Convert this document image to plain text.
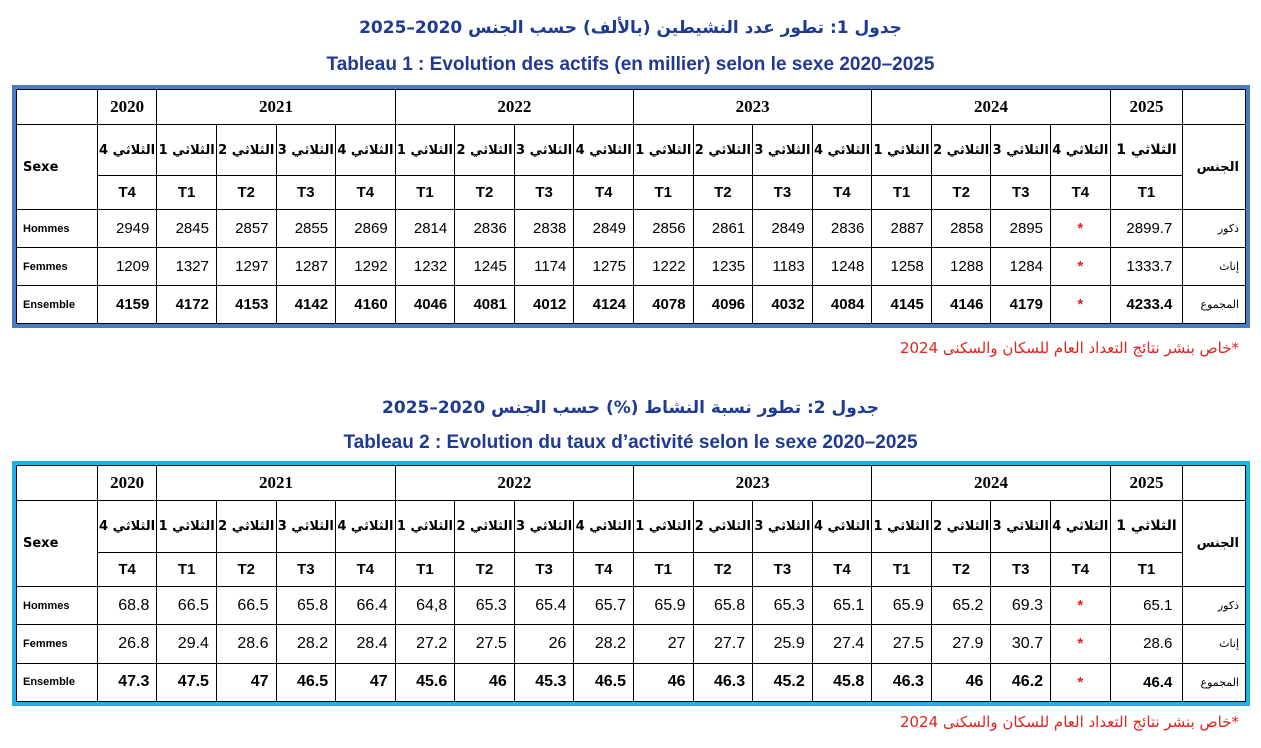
جدول 1: تطور عدد النشيطين (بالألف) حسب الجنس 2020–2025
Tableau 1 : Evolution des actifs (en millier) selon le sexe 2020–2025
	2020	2021				2022				2023				2024				2025	
Sexe	الثلاثي 4	الثلاثي 1	الثلاثي 2	الثلاثي 3	الثلاثي 4	الثلاثي 1	الثلاثي 2	الثلاثي 3	الثلاثي 4	الثلاثي 1	الثلاثي 2	الثلاثي 3	الثلاثي 4	الثلاثي 1	الثلاثي 2	الثلاثي 3	الثلاثي 4	الثلاثي 1	الجنس
	T4	T1	T2	T3	T4	T1	T2	T3	T4	T1	T2	T3	T4	T1	T2	T3	T4	T1	
Hommes	2949	2845	2857	2855	2869	2814	2836	2838	2849	2856	2861	2849	2836	2887	2858	2895	*	2899.7	ذكور
Femmes	1209	1327	1297	1287	1292	1232	1245	1174	1275	1222	1235	1183	1248	1258	1288	1284	*	1333.7	إناث
Ensemble	4159	4172	4153	4142	4160	4046	4081	4012	4124	4078	4096	4032	4084	4145	4146	4179	*	4233.4	المجموع
*خاص بنشر نتائج التعداد العام للسكان والسكنى 2024
جدول 2: تطور نسبة النشاط (%) حسب الجنس 2020–2025
Tableau 2 : Evolution du taux d’activité selon le sexe 2020–2025
	2020	2021				2022				2023				2024				2025	
Sexe	الثلاثي 4	الثلاثي 1	الثلاثي 2	الثلاثي 3	الثلاثي 4	الثلاثي 1	الثلاثي 2	الثلاثي 3	الثلاثي 4	الثلاثي 1	الثلاثي 2	الثلاثي 3	الثلاثي 4	الثلاثي 1	الثلاثي 2	الثلاثي 3	الثلاثي 4	الثلاثي 1	الجنس
	T4	T1	T2	T3	T4	T1	T2	T3	T4	T1	T2	T3	T4	T1	T2	T3	T4	T1	
Hommes	68.8	66.5	66.5	65.8	66.4	64,8	65.3	65.4	65.7	65.9	65.8	65.3	65.1	65.9	65.2	69.3	*	65.1	ذكور
Femmes	26.8	29.4	28.6	28.2	28.4	27.2	27.5	26	28.2	27	27.7	25.9	27.4	27.5	27.9	30.7	*	28.6	إناث
Ensemble	47.3	47.5	47	46.5	47	45.6	46	45.3	46.5	46	46.3	45.2	45.8	46.3	46	46.2	*	46.4	المجموع
*خاص بنشر نتائج التعداد العام للسكان والسكنى 2024
